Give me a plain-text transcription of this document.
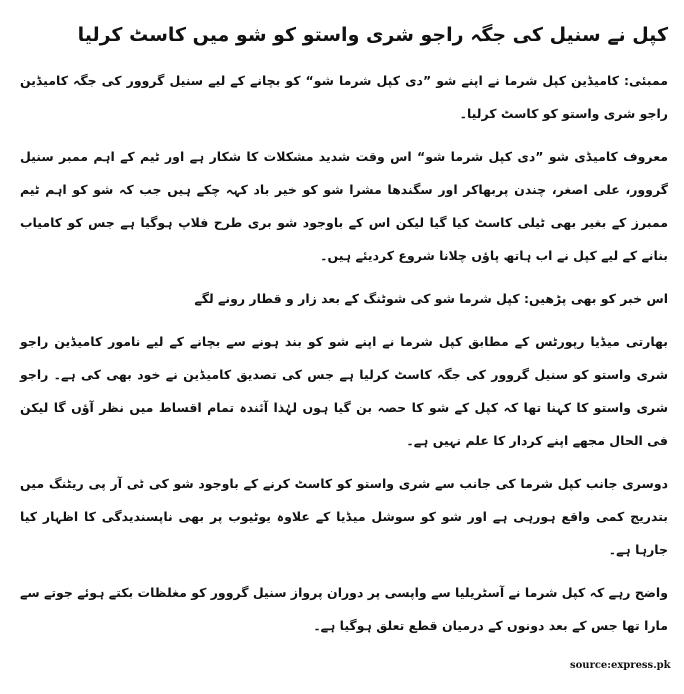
کپل نے سنیل کی جگہ راجو شری واستو کو شو میں کاسٹ کرلیا

ممبئی: کامیڈین کپل شرما نے اپنے شو ”دی کپل شرما شو“ کو بچانے کے لیے سنیل گروور کی جگہ کامیڈین راجو شری واستو کو کاسٹ کرلیا۔

معروف کامیڈی شو ”دی کپل شرما شو“ اس وقت شدید مشکلات کا شکار ہے اور ٹیم کے اہم ممبر سنیل گروور، علی اصغر، چندن پربھاکر اور سگندھا مشرا شو کو خیر باد کہہ چکے ہیں جب کہ شو کو اہم ٹیم ممبرز کے بغیر بھی ٹیلی کاسٹ کیا گیا لیکن اس کے باوجود شو بری طرح فلاپ ہوگیا ہے جس کو کامیاب بنانے کے لیے کپل نے اب ہاتھ پاؤں چلانا شروع کردیئے ہیں۔

اس خبر کو بھی پڑھیں: کپل شرما شو کی شوٹنگ کے بعد زار و قطار رونے لگے

بھارتی میڈیا رپورٹس کے مطابق کپل شرما نے اپنے شو کو بند ہونے سے بچانے کے لیے نامور کامیڈین راجو شری واستو کو سنیل گروور کی جگہ کاسٹ کرلیا ہے جس کی تصدیق کامیڈین نے خود بھی کی ہے۔ راجو شری واستو کا کہنا تھا کہ کپل کے شو کا حصہ بن گیا ہوں لہٰذا آئندہ تمام اقساط میں نظر آؤں گا لیکن فی الحال مجھے اپنے کردار کا علم نہیں ہے۔

دوسری جانب کپل شرما کی جانب سے شری واستو کو کاسٹ کرنے کے باوجود شو کی ٹی آر پی ریٹنگ میں بتدریج کمی واقع ہورہی ہے اور شو کو سوشل میڈیا کے علاوہ یوٹیوب پر بھی ناپسندیدگی کا اظہار کیا جارہا ہے۔

واضح رہے کہ کپل شرما نے آسٹریلیا سے واپسی پر دوران پرواز سنیل گروور کو مغلظات بکتے ہوئے جوتے سے مارا تھا جس کے بعد دونوں کے درمیان قطع تعلق ہوگیا ہے۔

source:express.pk
